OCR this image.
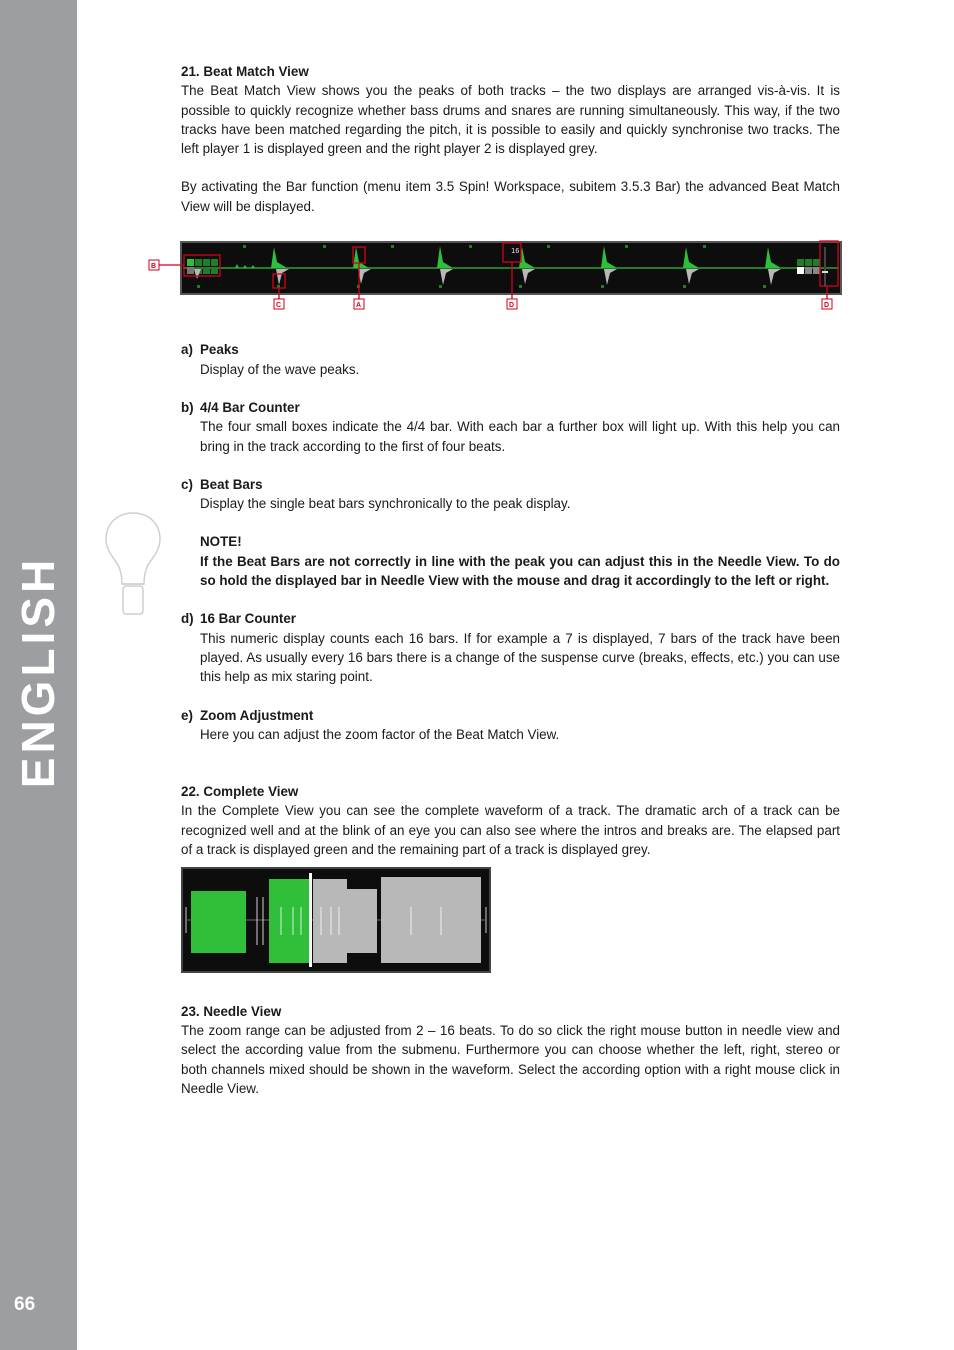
ENGLISH
66

21. Beat Match View

The Beat Match View shows you the peaks of both tracks – the two displays are arranged vis-à-vis. It is possible to quickly recognize whether bass drums and snares are running simultaneously. This way, if the two tracks have been matched regarding the pitch, it is possible to easily and quickly synchronise two tracks. The left player 1 is displayed green and the right player 2 is displayed grey.

By activating the Bar function (menu item 3.5 Spin! Workspace, subitem 3.5.3 Bar) the advanced Beat Match View will be displayed.

16
B
C	A	D	D
a) Peaks

Display of the wave peaks.

b) 4/4 Bar Counter

The four small boxes indicate the 4/4 bar. With each bar a further box will light up. With this help you can bring in the track according to the first of four beats.

c) Beat Bars

Display the single beat bars synchronically to the peak display.

NOTE!

If the Beat Bars are not correctly in line with the peak you can adjust this in the Needle View. To do so hold the displayed bar in Needle View with the mouse and drag it accordingly to the left or right.

d) 16 Bar Counter

This numeric display counts each 16 bars. If for example a 7 is displayed, 7 bars of the track have been played. As usually every 16 bars there is a change of the suspense curve (breaks, effects, etc.) you can use this help as mix staring point.

e) Zoom Adjustment

Here you can adjust the zoom factor of the Beat Match View.

22. Complete View

In the Complete View you can see the complete waveform of a track. The dramatic arch of a track can be recognized well and at the blink of an eye you can also see where the intros and breaks are. The elapsed part of a track is displayed green and the remaining part of a track is displayed grey.

23. Needle View

The zoom range can be adjusted from 2 – 16 beats. To do so click the right mouse button in needle view and select the according value from the submenu. Furthermore you can choose whether the left, right, stereo or both channels mixed should be shown in the waveform. Select the according option with a right mouse click in Needle View.
